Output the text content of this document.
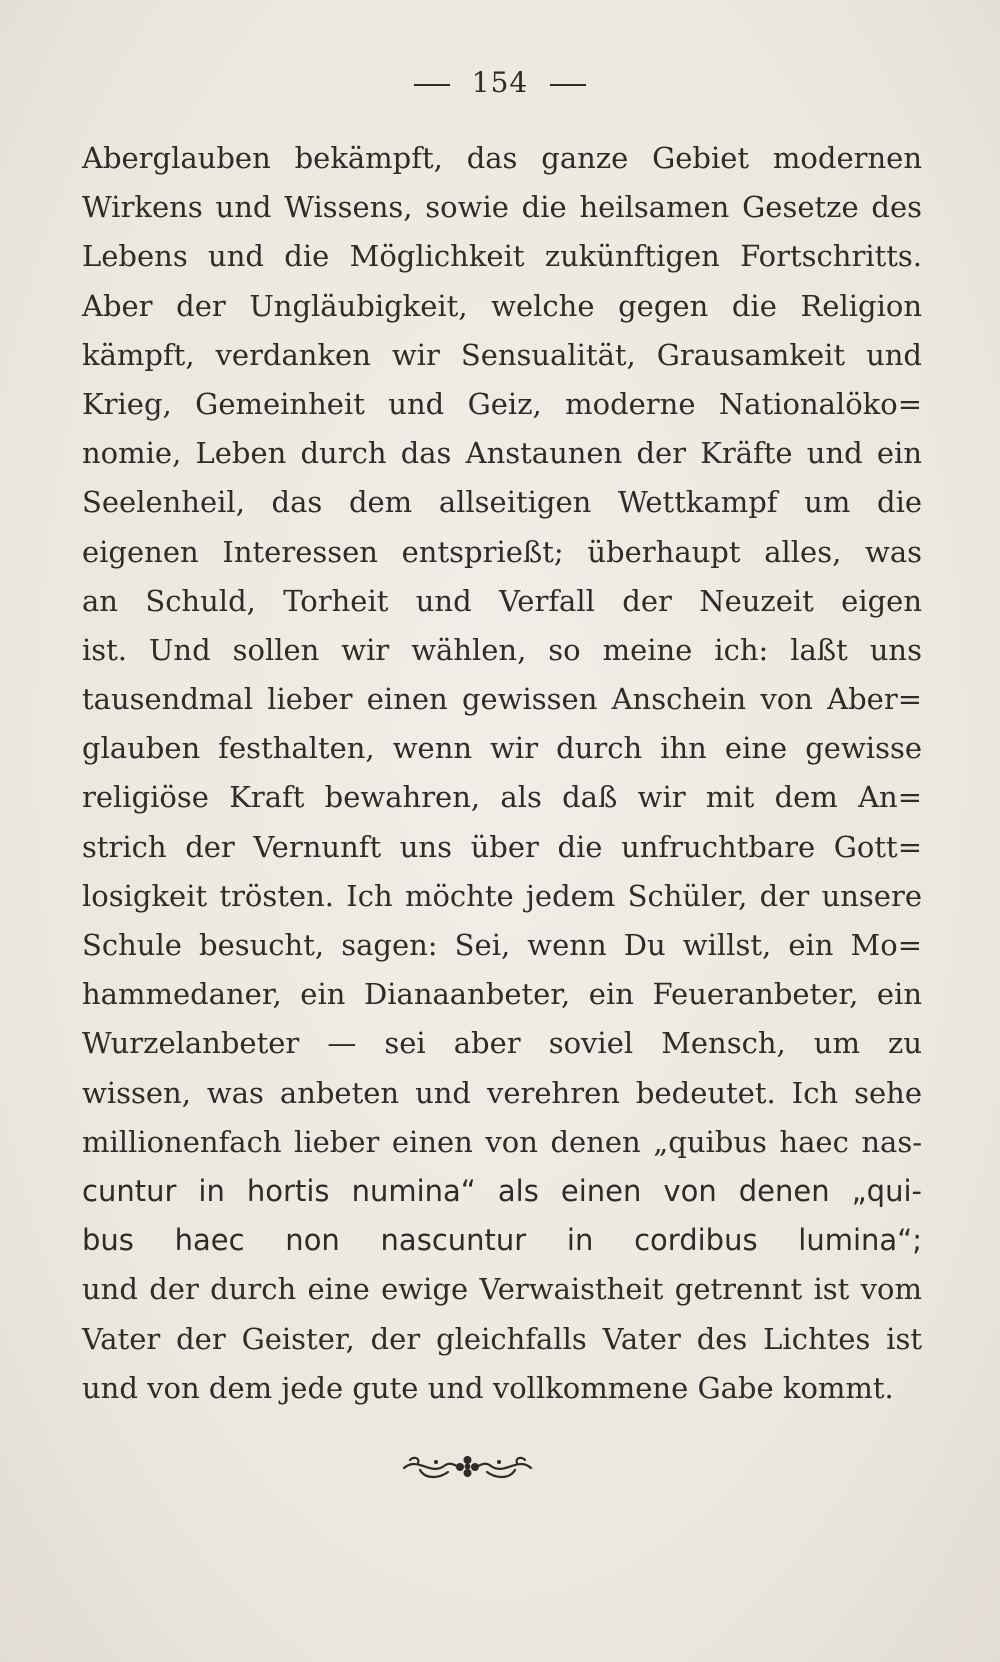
154
Aberglauben bekämpft, das ganze Gebiet modernen
Wirkens und Wissens, sowie die heilsamen Gesetze des
Lebens und die Möglichkeit zukünftigen Fortschritts.
Aber der Ungläubigkeit, welche gegen die Religion
kämpft, verdanken wir Sensualität, Grausamkeit und
Krieg, Gemeinheit und Geiz, moderne Nationalöko=
nomie, Leben durch das Anstaunen der Kräfte und ein
Seelenheil, das dem allseitigen Wettkampf um die
eigenen Interessen entsprießt; überhaupt alles, was
an Schuld, Torheit und Verfall der Neuzeit eigen
ist. Und sollen wir wählen, so meine ich: laßt uns
tausendmal lieber einen gewissen Anschein von Aber=
glauben festhalten, wenn wir durch ihn eine gewisse
religiöse Kraft bewahren, als daß wir mit dem An=
strich der Vernunft uns über die unfruchtbare Gott=
losigkeit trösten. Ich möchte jedem Schüler, der unsere
Schule besucht, sagen: Sei, wenn Du willst, ein Mo=
hammedaner, ein Dianaanbeter, ein Feueranbeter, ein
Wurzelanbeter — sei aber soviel Mensch, um zu
wissen, was anbeten und verehren bedeutet. Ich sehe
millionenfach lieber einen von denen „quibus haec nas-
cuntur in hortis numina“ als einen von denen „qui-
bus haec non nascuntur in cordibus lumina“;
und der durch eine ewige Verwaistheit getrennt ist vom
Vater der Geister, der gleichfalls Vater des Lichtes ist
und von dem jede gute und vollkommene Gabe kommt.
